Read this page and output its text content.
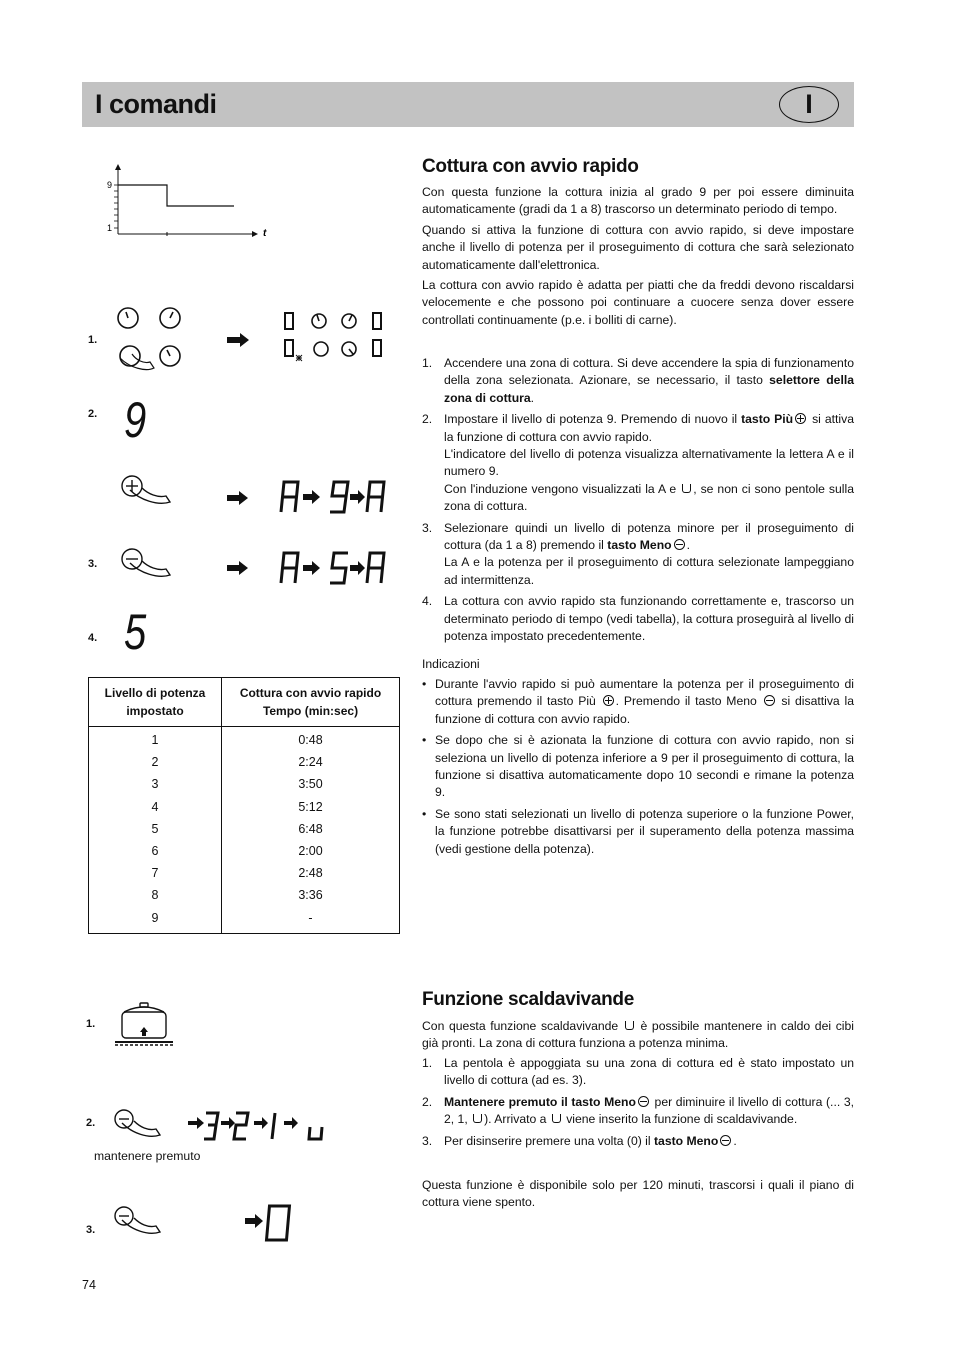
I comandi	I
9
1	t
1.
2. 9
3.
4. 5
Livello di potenza impostato	Cottura con avvio rapido
Tempo (min:sec)

1	0:48
2	2:24
3	3:50
4	5:12
5	6:48
6	2:00
7	2:48
8	3:36
9	-
Cottura con avvio rapido

Con questa funzione la cottura inizia al grado 9 per poi essere diminuita automaticamente (gradi da 1 a 8) trascorso un determinato periodo di tempo.

Quando si attiva la funzione di cottura con avvio rapido, si deve impostare anche il livello di potenza per il proseguimento di cottura che sarà selezionato automaticamente dall'elettronica.

La cottura con avvio rapido è adatta per piatti che da freddi devono riscaldarsi velocemente e che possono poi continuare a cuocere senza dover essere controllati continuamente (p.e. i bolliti di carne).

1. Accendere una zona di cottura. Si deve accendere la spia di funzionamento della zona selezionata. Azionare, se necessario, il tasto selettore della zona di cottura.
2. Impostare il livello di potenza 9. Premendo di nuovo il tasto Più si attiva la funzione di cottura con avvio rapido.
L'indicatore del livello di potenza visualizza alternativamente la lettera A e il numero 9.
Con l'induzione vengono visualizzati la A e , se non ci sono pentole sulla zona di cottura.
3. Selezionare quindi un livello di potenza minore per il proseguimento di cottura (da 1 a 8) premendo il tasto Meno .
La A e la potenza per il proseguimento di cottura selezionate lampeggiano ad intermittenza.
4. La cottura con avvio rapido sta funzionando correttamente e, trascorso un determinato periodo di tempo (vedi tabella), la cottura proseguirà al livello di potenza impostato precedentemente.
Indicazioni
• Durante l'avvio rapido si può aumentare la potenza per il proseguimento di cottura premendo il tasto Più . Premendo il tasto Meno  si disattiva la funzione di cottura con avvio rapido.
• Se dopo che si è azionata la funzione di cottura con avvio rapido, non si seleziona un livello di potenza inferiore a 9 per il proseguimento di cottura, la funzione si disattiva automaticamente dopo 10 secondi e rimane la potenza 9.
• Se sono stati selezionati un livello di potenza superiore o la funzione Power, la funzione potrebbe disattivarsi per il superamento della potenza massima (vedi gestione della potenza).
1.
2.
mantenere premuto
3.
Funzione scaldavivande
Con questa funzione scaldavivande  è possibile mantenere in caldo dei cibi già pronti. La zona di cottura funziona a potenza minima.
1. La pentola è appoggiata su una zona di cottura ed è stato impostato un livello di cottura (ad es. 3).
2. Mantenere premuto il tasto Meno per diminuire il livello di cottura (... 3, 2, 1, ). Arrivato a  viene inserito la funzione di scaldavivande.
3. Per disinserire premere una volta (0) il tasto Meno .
Questa funzione è disponibile solo per 120 minuti, trascorsi i quali il piano di cottura viene spento.
74
